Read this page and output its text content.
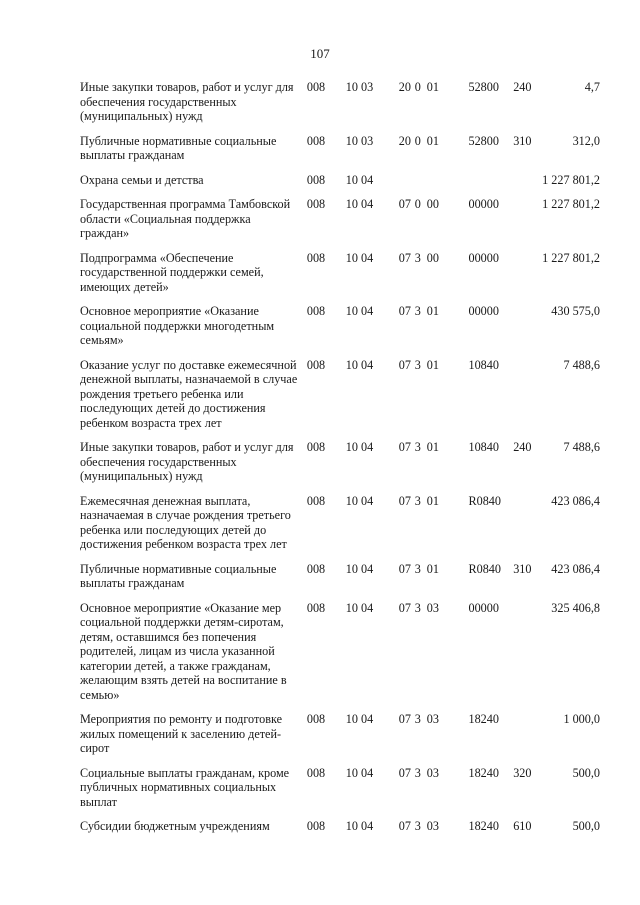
107
Иные закупки товаров, работ и услуг для обеспечения государственных (муниципальных) нужд	008	10 03	20 0 01	52800	240	4,7
Публичные нормативные социальные выплаты гражданам	008	10 03	20 0 01	52800	310	312,0
Охрана семьи и детства	008	10 04				1 227 801,2
Государственная программа Тамбовской области «Социальная поддержка граждан»	008	10 04	07 0 00	00000		1 227 801,2
Подпрограмма «Обеспечение государственной поддержки семей, имеющих детей»	008	10 04	07 3 00	00000		1 227 801,2
Основное мероприятие «Оказание социальной поддержки многодетным семьям»	008	10 04	07 3 01	00000		430 575,0
Оказание услуг по доставке ежемесячной денежной выплаты, назначаемой в случае рождения третьего ребенка или последующих детей до достижения ребенком возраста трех лет	008	10 04	07 3 01	10840		7 488,6
Иные закупки товаров, работ и услуг для обеспечения государственных (муниципальных) нужд	008	10 04	07 3 01	10840	240	7 488,6
Ежемесячная денежная выплата, назначаемая в случае рождения третьего ребенка или последующих детей до достижения ребенком возраста трех лет	008	10 04	07 3 01	R0840		423 086,4
Публичные нормативные социальные выплаты гражданам	008	10 04	07 3 01	R0840	310	423 086,4
Основное мероприятие «Оказание мер социальной поддержки детям-сиротам, детям, оставшимся без попечения родителей, лицам из числа указанной категории детей, а также гражданам, желающим взять детей на воспитание в семью»	008	10 04	07 3 03	00000		325 406,8
Мероприятия по ремонту и подготовке жилых помещений к заселению детей-сирот	008	10 04	07 3 03	18240		1 000,0
Социальные выплаты гражданам, кроме публичных нормативных социальных выплат	008	10 04	07 3 03	18240	320	500,0
Субсидии бюджетным учреждениям	008	10 04	07 3 03	18240	610	500,0
